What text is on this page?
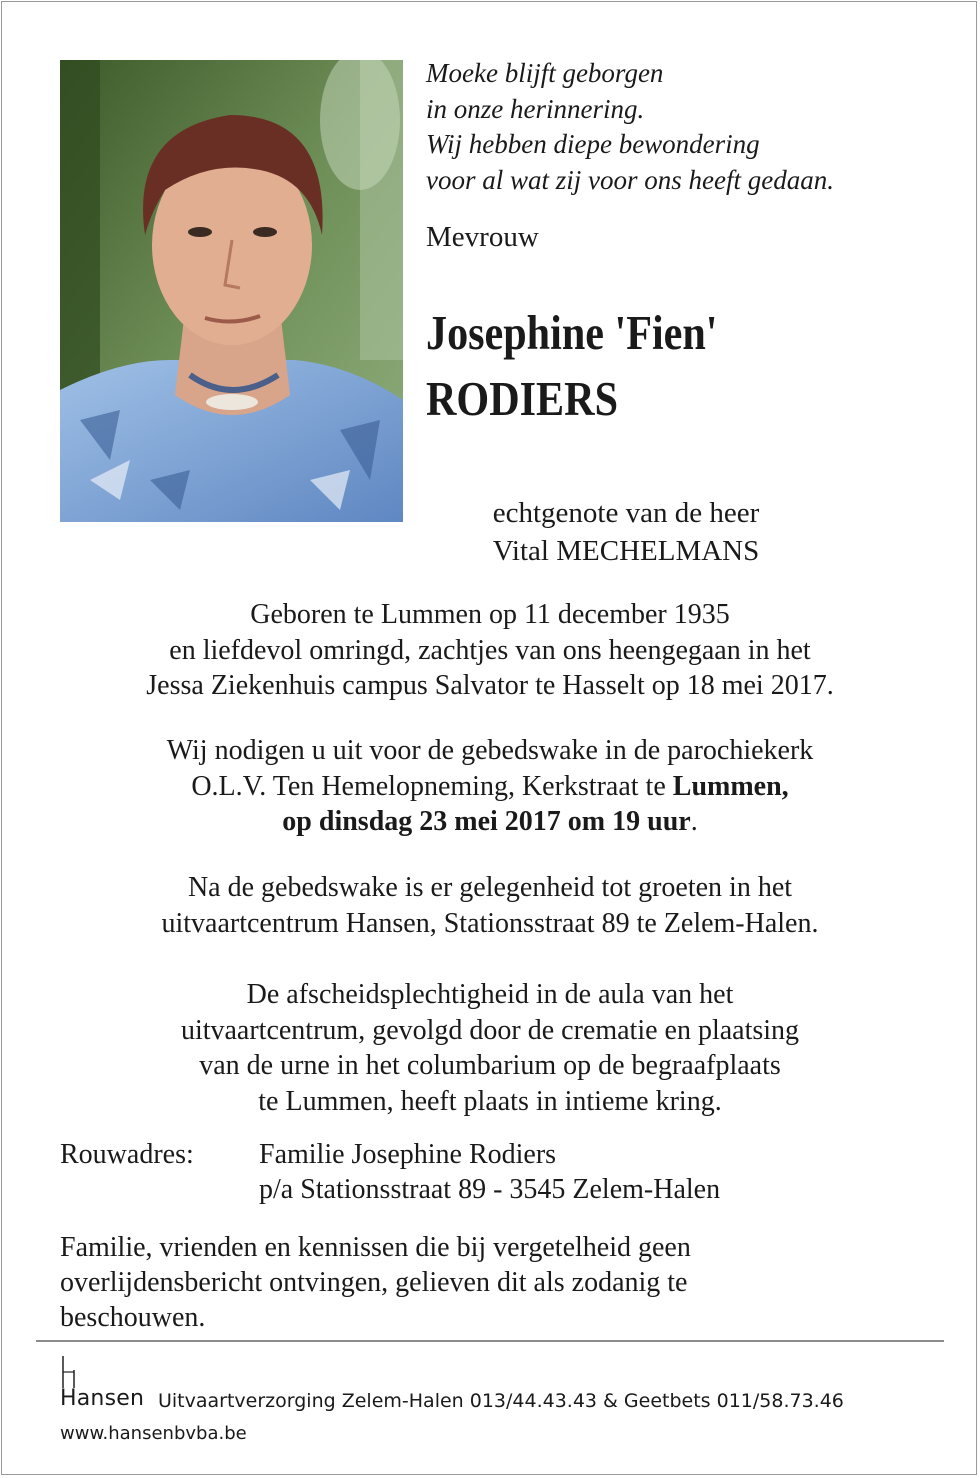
Moeke blijft geborgen
in onze herinnering.
Wij hebben diepe bewondering
voor al wat zij voor ons heeft gedaan.
Mevrouw
Josephine 'Fien'
RODIERS
echtgenote van de heer
Vital MECHELMANS
Geboren te Lummen op 11 december 1935
en liefdevol omringd, zachtjes van ons heengegaan in het
Jessa Ziekenhuis campus Salvator te Hasselt op 18 mei 2017.
Wij nodigen u uit voor de gebedswake in de parochiekerk
O.L.V. Ten Hemelopneming, Kerkstraat te Lummen,
op dinsdag 23 mei 2017 om 19 uur.
Na de gebedswake is er gelegenheid tot groeten in het
uitvaartcentrum Hansen, Stationsstraat 89 te Zelem-Halen.
De afscheidsplechtigheid in de aula van het
uitvaartcentrum, gevolgd door de crematie en plaatsing
van de urne in het columbarium op de begraafplaats
te Lummen, heeft plaats in intieme kring.
Rouwadres: Familie Josephine Rodiers
p/a Stationsstraat 89 - 3545 Zelem-Halen
Familie, vrienden en kennissen die bij vergetelheid geen
overlijdensbericht ontvingen, gelieven dit als zodanig te
beschouwen.
Hansen Uitvaartverzorging Zelem-Halen 013/44.43.43 & Geetbets 011/58.73.46
www.hansenbvba.be
